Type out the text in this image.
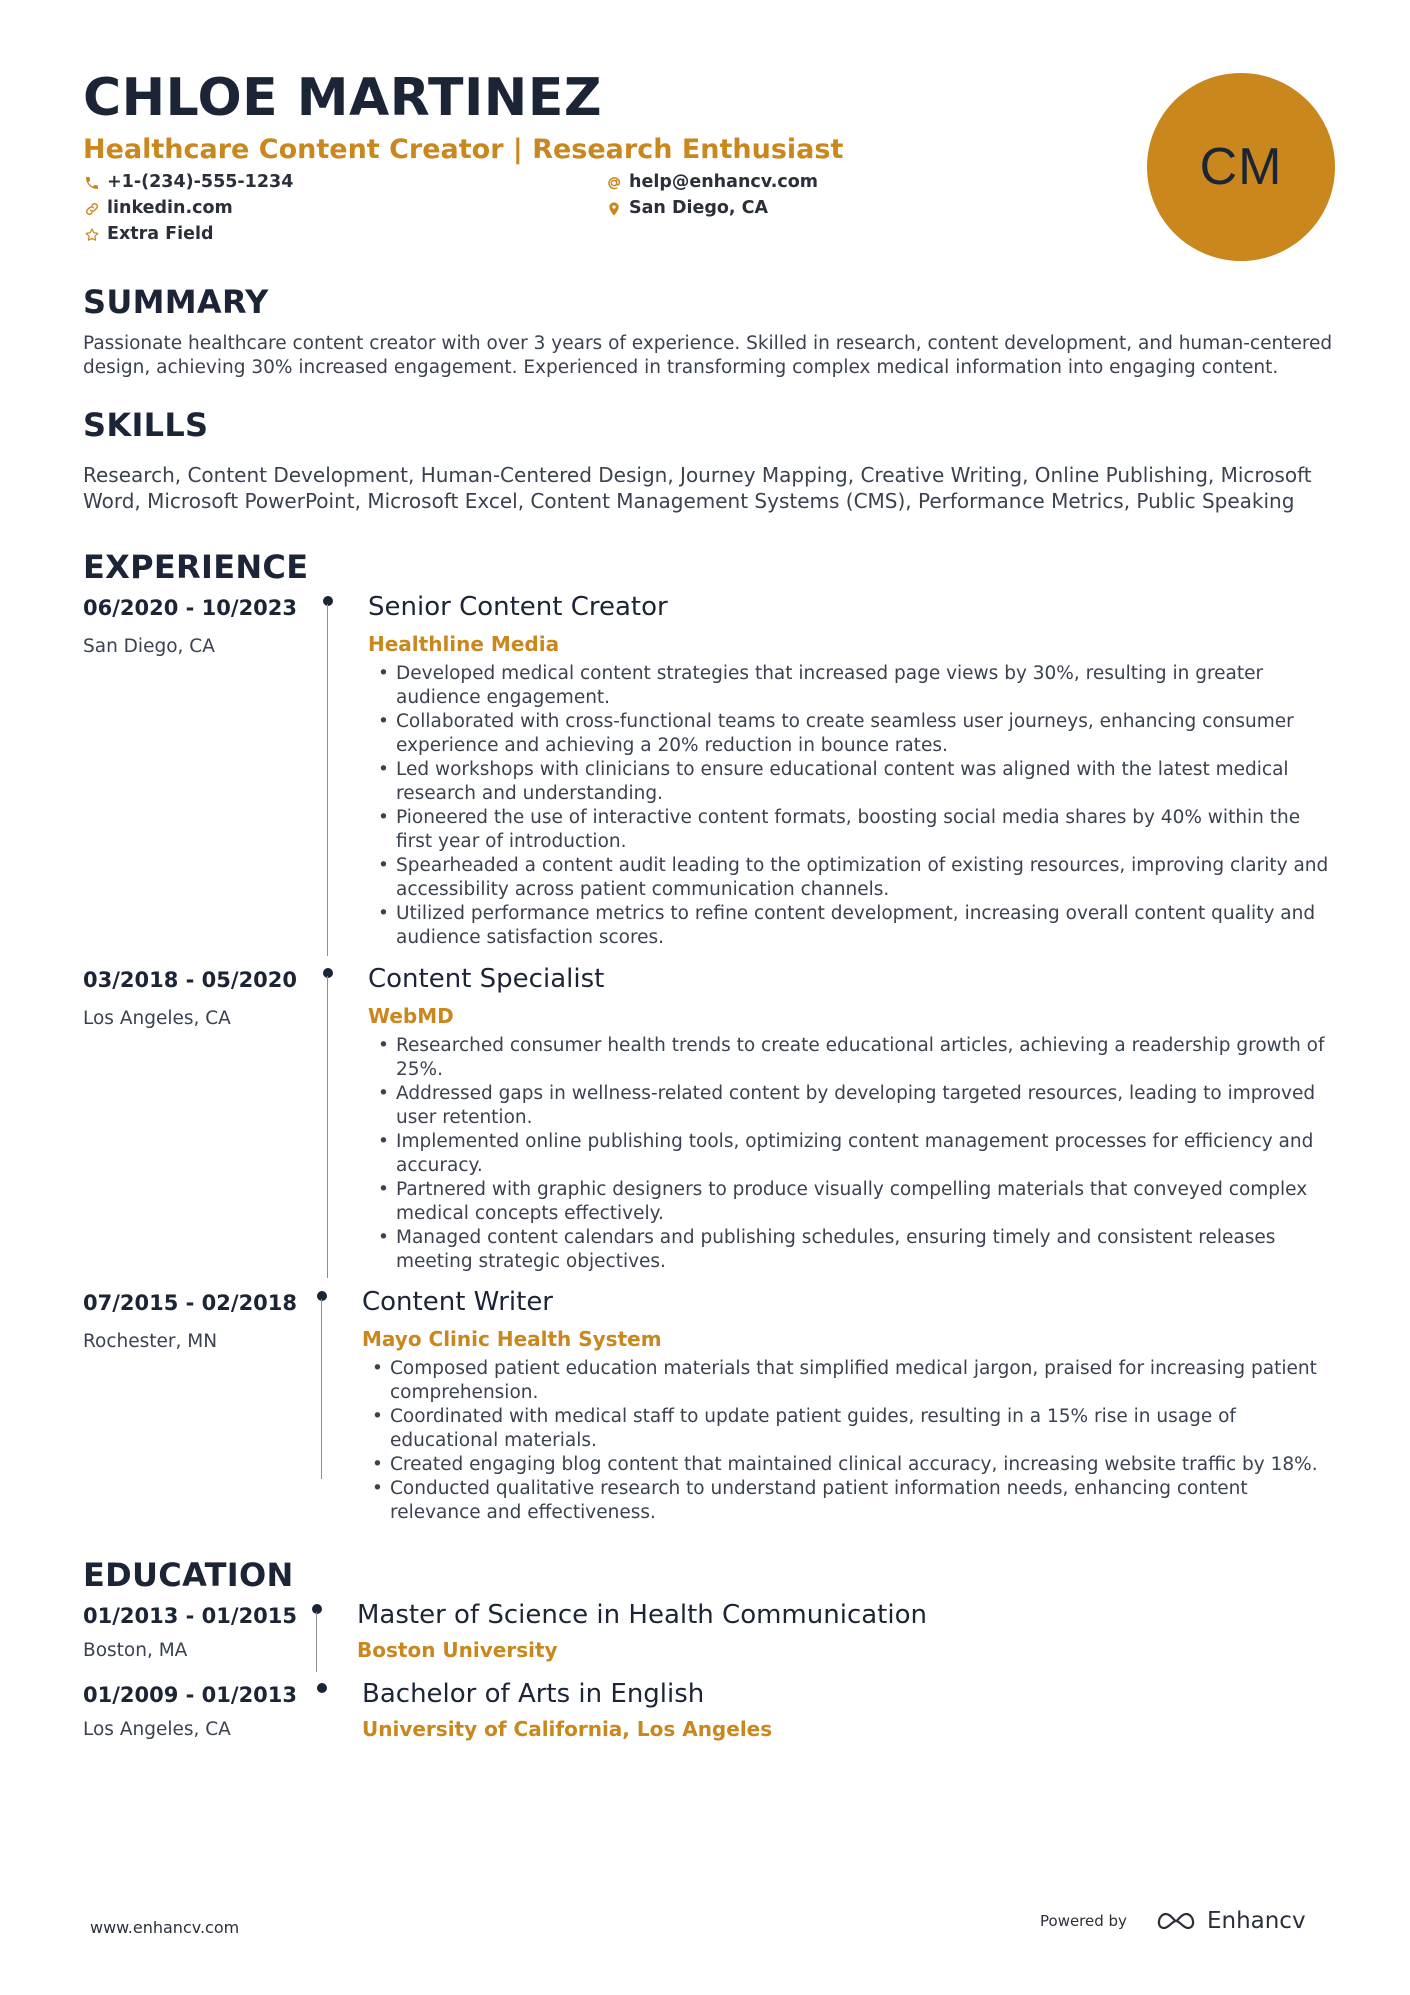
CHLOE MARTINEZ
Healthcare Content Creator | Research Enthusiast
+1-(234)-555-1234	help@enhancv.com
linkedin.com	San Diego, CA
Extra Field
CM
SUMMARY
Passionate healthcare content creator with over 3 years of experience. Skilled in research, content development, and human-centered design, achieving 30% increased engagement. Experienced in transforming complex medical information into engaging content.
SKILLS
Research, Content Development, Human-Centered Design, Journey Mapping, Creative Writing, Online Publishing, Microsoft Word, Microsoft PowerPoint, Microsoft Excel, Content Management Systems (CMS), Performance Metrics, Public Speaking
EXPERIENCE
06/2020 - 10/2023
San Diego, CA
Senior Content Creator
Healthline Media
• Developed medical content strategies that increased page views by 30%, resulting in greater audience engagement.
• Collaborated with cross-functional teams to create seamless user journeys, enhancing consumer experience and achieving a 20% reduction in bounce rates.
• Led workshops with clinicians to ensure educational content was aligned with the latest medical research and understanding.
• Pioneered the use of interactive content formats, boosting social media shares by 40% within the first year of introduction.
• Spearheaded a content audit leading to the optimization of existing resources, improving clarity and accessibility across patient communication channels.
• Utilized performance metrics to refine content development, increasing overall content quality and audience satisfaction scores.
03/2018 - 05/2020
Los Angeles, CA
Content Specialist
WebMD
• Researched consumer health trends to create educational articles, achieving a readership growth of 25%.
• Addressed gaps in wellness-related content by developing targeted resources, leading to improved user retention.
• Implemented online publishing tools, optimizing content management processes for efficiency and accuracy.
• Partnered with graphic designers to produce visually compelling materials that conveyed complex medical concepts effectively.
• Managed content calendars and publishing schedules, ensuring timely and consistent releases meeting strategic objectives.
07/2015 - 02/2018
Rochester, MN
Content Writer
Mayo Clinic Health System
• Composed patient education materials that simplified medical jargon, praised for increasing patient comprehension.
• Coordinated with medical staff to update patient guides, resulting in a 15% rise in usage of educational materials.
• Created engaging blog content that maintained clinical accuracy, increasing website traffic by 18%.
• Conducted qualitative research to understand patient information needs, enhancing content relevance and effectiveness.
EDUCATION
01/2013 - 01/2015
Boston, MA
Master of Science in Health Communication
Boston University
01/2009 - 01/2013
Los Angeles, CA
Bachelor of Arts in English
University of California, Los Angeles
www.enhancv.com	Powered by	Enhancv
